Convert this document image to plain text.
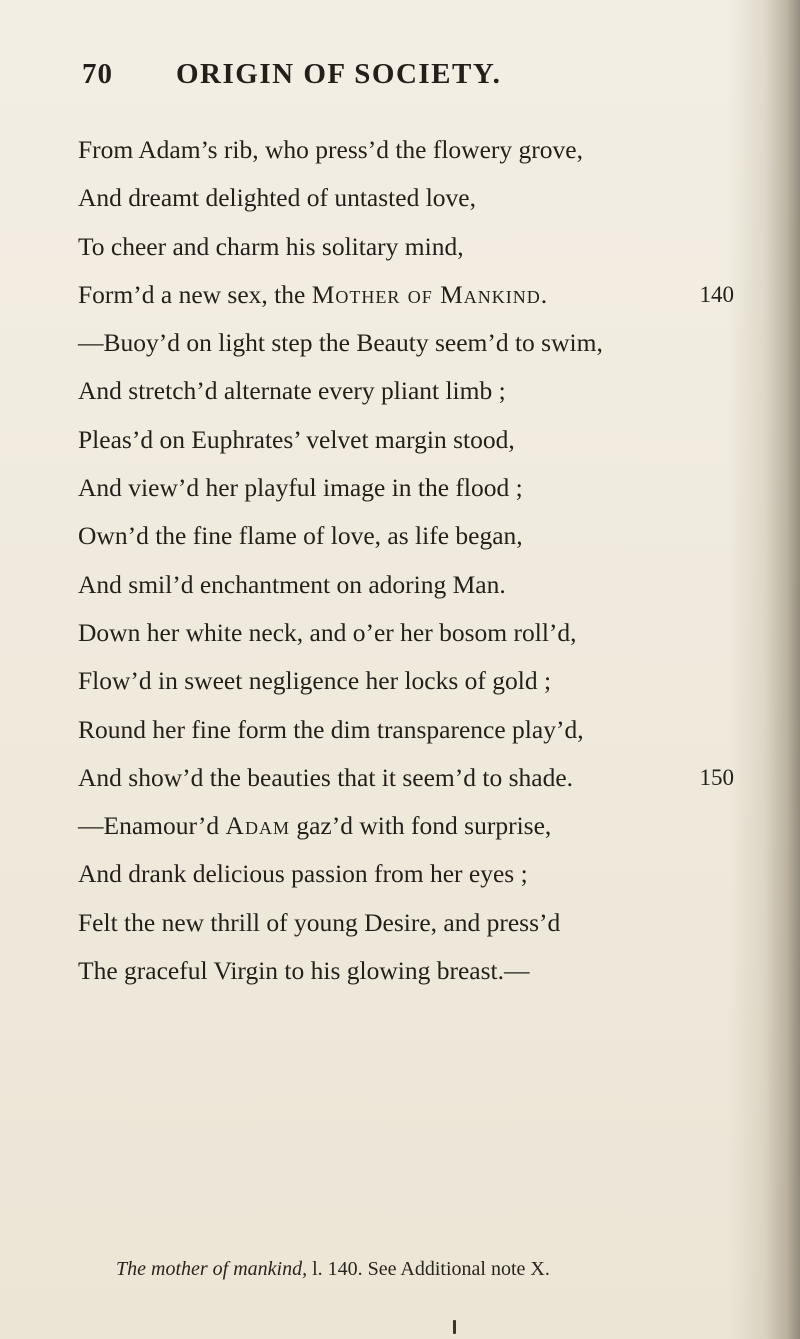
70 ORIGIN OF SOCIETY.
From Adam’s rib, who press’d the flowery grove,
And dreamt delighted of untasted love,
To cheer and charm his solitary mind,
Form’d a new sex, the Mother of Mankind.	140
—Buoy’d on light step the Beauty seem’d to swim,
And stretch’d alternate every pliant limb ;
Pleas’d on Euphrates’ velvet margin stood,
And view’d her playful image in the flood ;
Own’d the fine flame of love, as life began,
And smil’d enchantment on adoring Man.
Down her white neck, and o’er her bosom roll’d,
Flow’d in sweet negligence her locks of gold ;
Round her fine form the dim transparence play’d,
And show’d the beauties that it seem’d to shade.	150
—Enamour’d Adam gaz’d with fond surprise,
And drank delicious passion from her eyes ;
Felt the new thrill of young Desire, and press’d
The graceful Virgin to his glowing breast.—
The mother of mankind, l. 140. See Additional note X.
